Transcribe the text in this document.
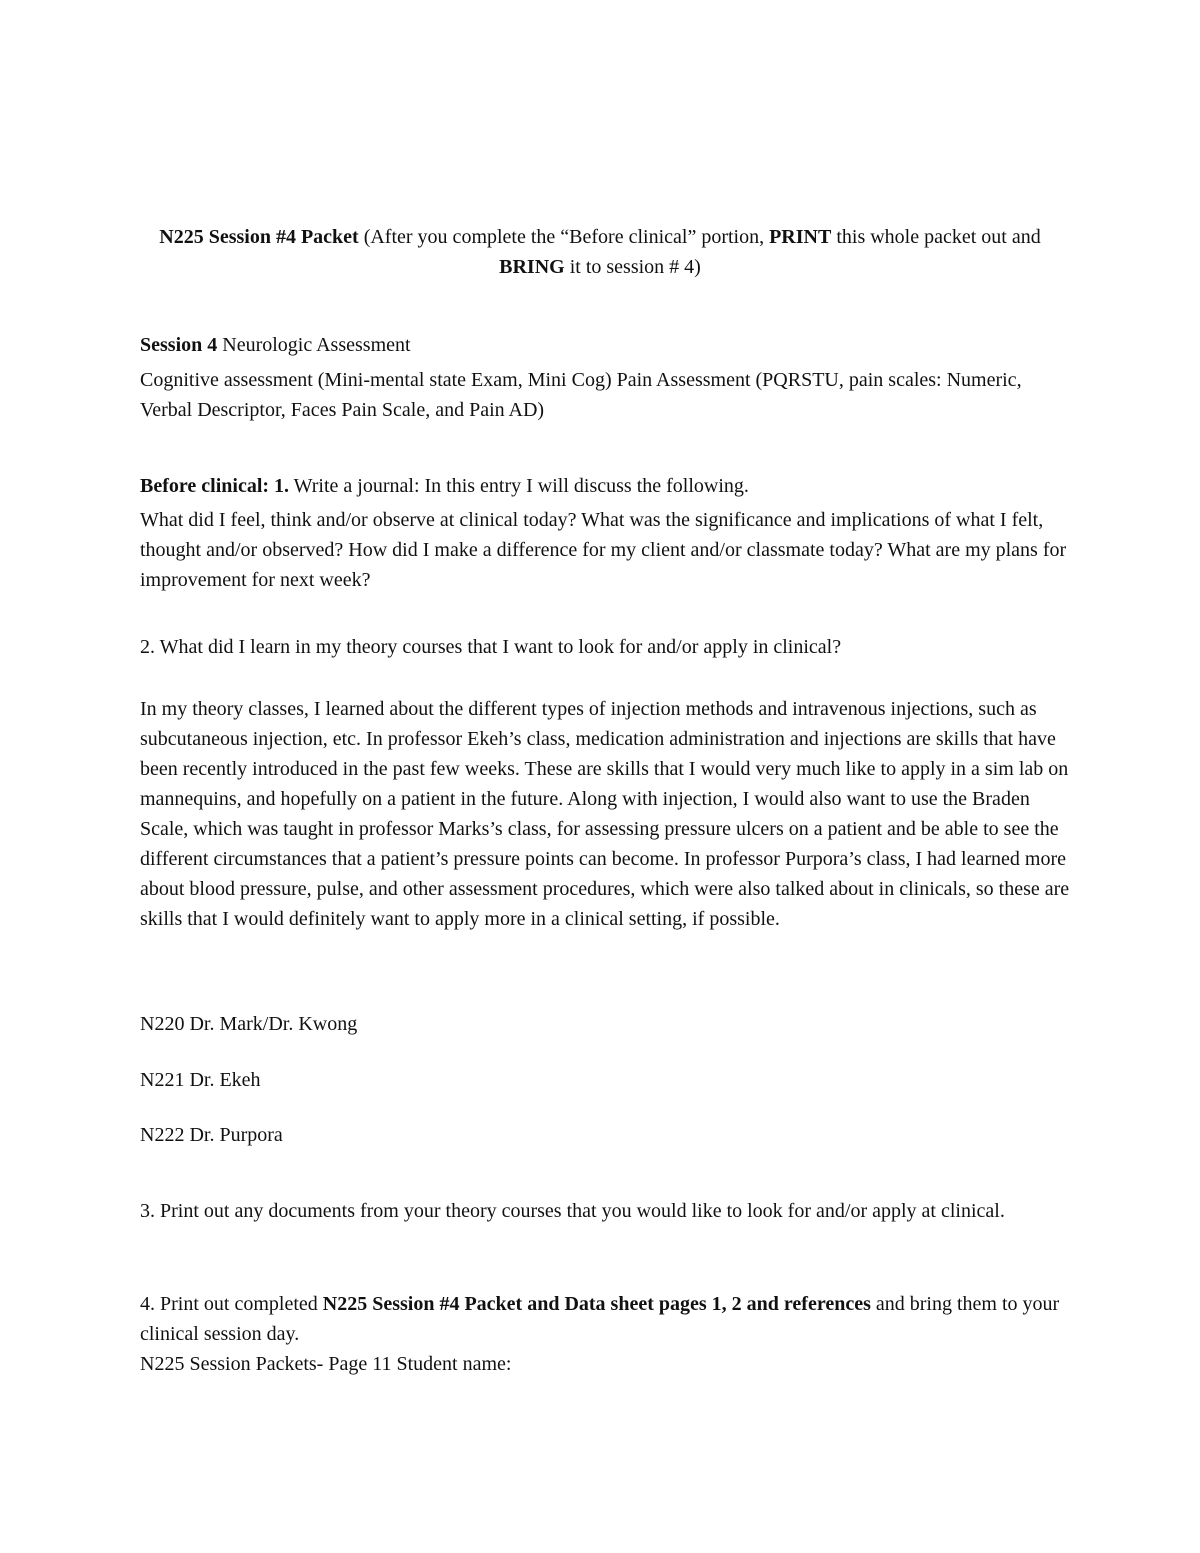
N225 Session #4 Packet (After you complete the “Before clinical” portion, PRINT this whole packet out and BRING it to session # 4)

Session 4 Neurologic Assessment

Cognitive assessment (Mini-mental state Exam, Mini Cog) Pain Assessment (PQRSTU, pain scales: Numeric, Verbal Descriptor, Faces Pain Scale, and Pain AD)

Before clinical: 1. Write a journal: In this entry I will discuss the following.

What did I feel, think and/or observe at clinical today? What was the significance and implications of what I felt, thought and/or observed? How did I make a difference for my client and/or classmate today? What are my plans for improvement for next week?

2. What did I learn in my theory courses that I want to look for and/or apply in clinical?

In my theory classes, I learned about the different types of injection methods and intravenous injections, such as subcutaneous injection, etc. In professor Ekeh’s class, medication administration and injections are skills that have been recently introduced in the past few weeks. These are skills that I would very much like to apply in a sim lab on mannequins, and hopefully on a patient in the future. Along with injection, I would also want to use the Braden Scale, which was taught in professor Marks’s class, for assessing pressure ulcers on a patient and be able to see the different circumstances that a patient’s pressure points can become. In professor Purpora’s class, I had learned more about blood pressure, pulse, and other assessment procedures, which were also talked about in clinicals, so these are skills that I would definitely want to apply more in a clinical setting, if possible.

N220 Dr. Mark/Dr. Kwong

N221 Dr. Ekeh

N222 Dr. Purpora

3. Print out any documents from your theory courses that you would like to look for and/or apply at clinical.

4. Print out completed N225 Session #4 Packet and Data sheet pages 1, 2 and references and bring them to your clinical session day.

N225 Session Packets- Page 11 Student name:
